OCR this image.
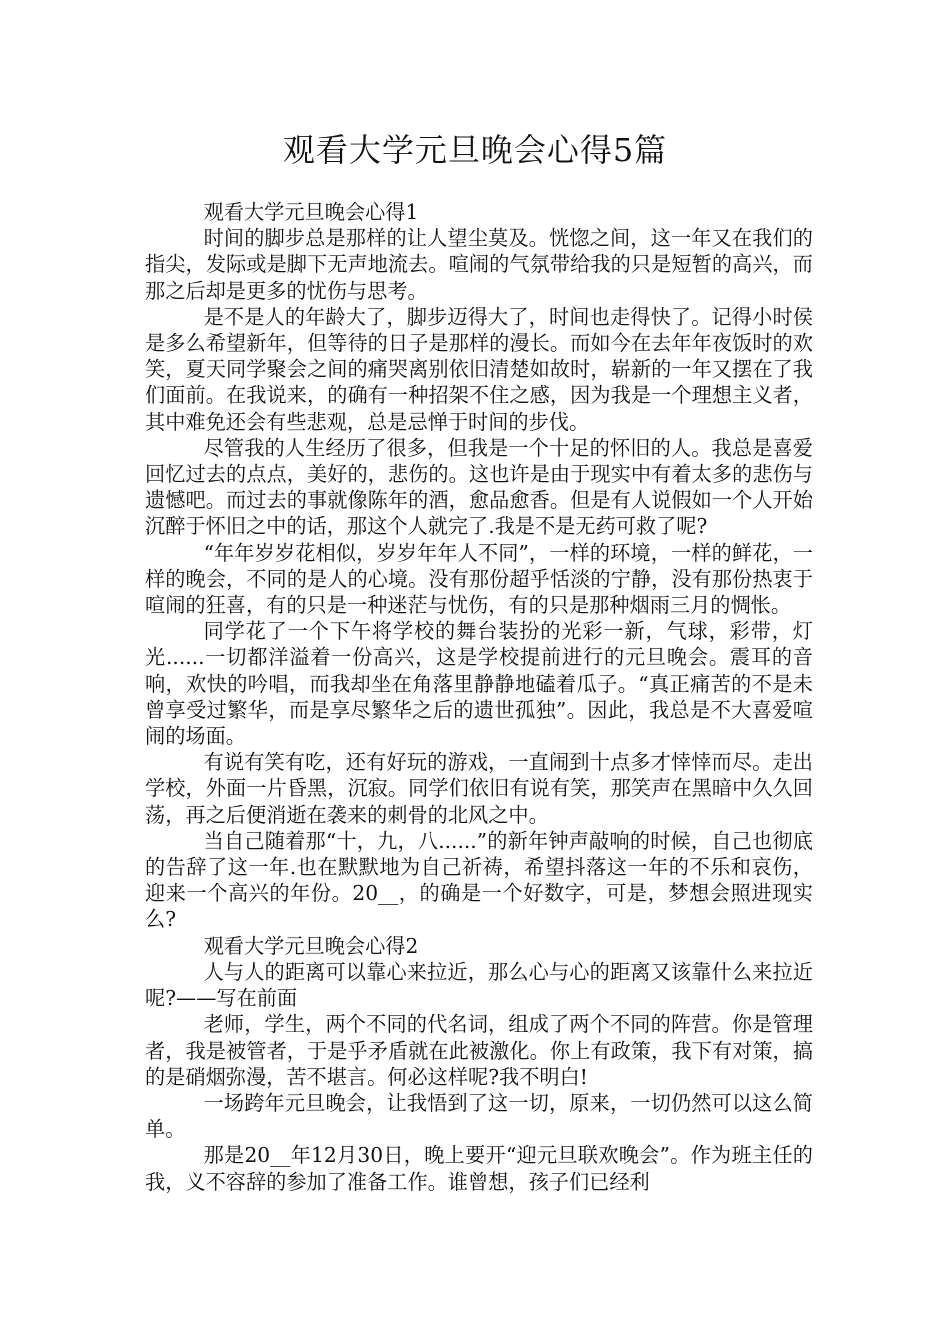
观看大学元旦晚会心得5篇

观看大学元旦晚会心得1

时间的脚步总是那样的让人望尘莫及。恍惚之间，这一年又在我们的指尖，发际或是脚下无声地流去。喧闹的气氛带给我的只是短暂的高兴，而那之后却是更多的忧伤与思考。

是不是人的年龄大了，脚步迈得大了，时间也走得快了。记得小时侯是多么希望新年，但等待的日子是那样的漫长。而如今在去年年夜饭时的欢笑，夏天同学聚会之间的痛哭离别依旧清楚如故时，崭新的一年又摆在了我们面前。在我说来，的确有一种招架不住之感，因为我是一个理想主义者，其中难免还会有些悲观，总是忌惮于时间的步伐。

尽管我的人生经历了很多，但我是一个十足的怀旧的人。我总是喜爱回忆过去的点点，美好的，悲伤的。这也许是由于现实中有着太多的悲伤与遗憾吧。而过去的事就像陈年的酒，愈品愈香。但是有人说假如一个人开始沉醉于怀旧之中的话，那这个人就完了.我是不是无药可救了呢?

“年年岁岁花相似，岁岁年年人不同”，一样的环境，一样的鲜花，一样的晚会，不同的是人的心境。没有那份超乎恬淡的宁静，没有那份热衷于喧闹的狂喜，有的只是一种迷茫与忧伤，有的只是那种烟雨三月的惆怅。

同学花了一个下午将学校的舞台装扮的光彩一新，气球，彩带，灯光......一切都洋溢着一份高兴，这是学校提前进行的元旦晚会。震耳的音响，欢快的吟唱，而我却坐在角落里静静地磕着瓜子。“真正痛苦的不是未曾享受过繁华，而是享尽繁华之后的遗世孤独”。因此，我总是不大喜爱喧闹的场面。

有说有笑有吃，还有好玩的游戏，一直闹到十点多才悻悻而尽。走出学校，外面一片昏黑，沉寂。同学们依旧有说有笑，那笑声在黑暗中久久回荡，再之后便消逝在袭来的刺骨的北风之中。

当自己随着那“十，九，八......”的新年钟声敲响的时候，自己也彻底的告辞了这一年.也在默默地为自己祈祷，希望抖落这一年的不乐和哀伤，迎来一个高兴的年份。20__，的确是一个好数字，可是，梦想会照进现实么?

观看大学元旦晚会心得2

人与人的距离可以靠心来拉近，那么心与心的距离又该靠什么来拉近呢?——写在前面

老师，学生，两个不同的代名词，组成了两个不同的阵营。你是管理者，我是被管者，于是乎矛盾就在此被激化。你上有政策，我下有对策，搞的是硝烟弥漫，苦不堪言。何必这样呢?我不明白!

一场跨年元旦晚会，让我悟到了这一切，原来，一切仍然可以这么简单。

那是20__年12月30日，晚上要开“迎元旦联欢晚会”。作为班主任的我，义不容辞的参加了准备工作。谁曾想，孩子们已经利
